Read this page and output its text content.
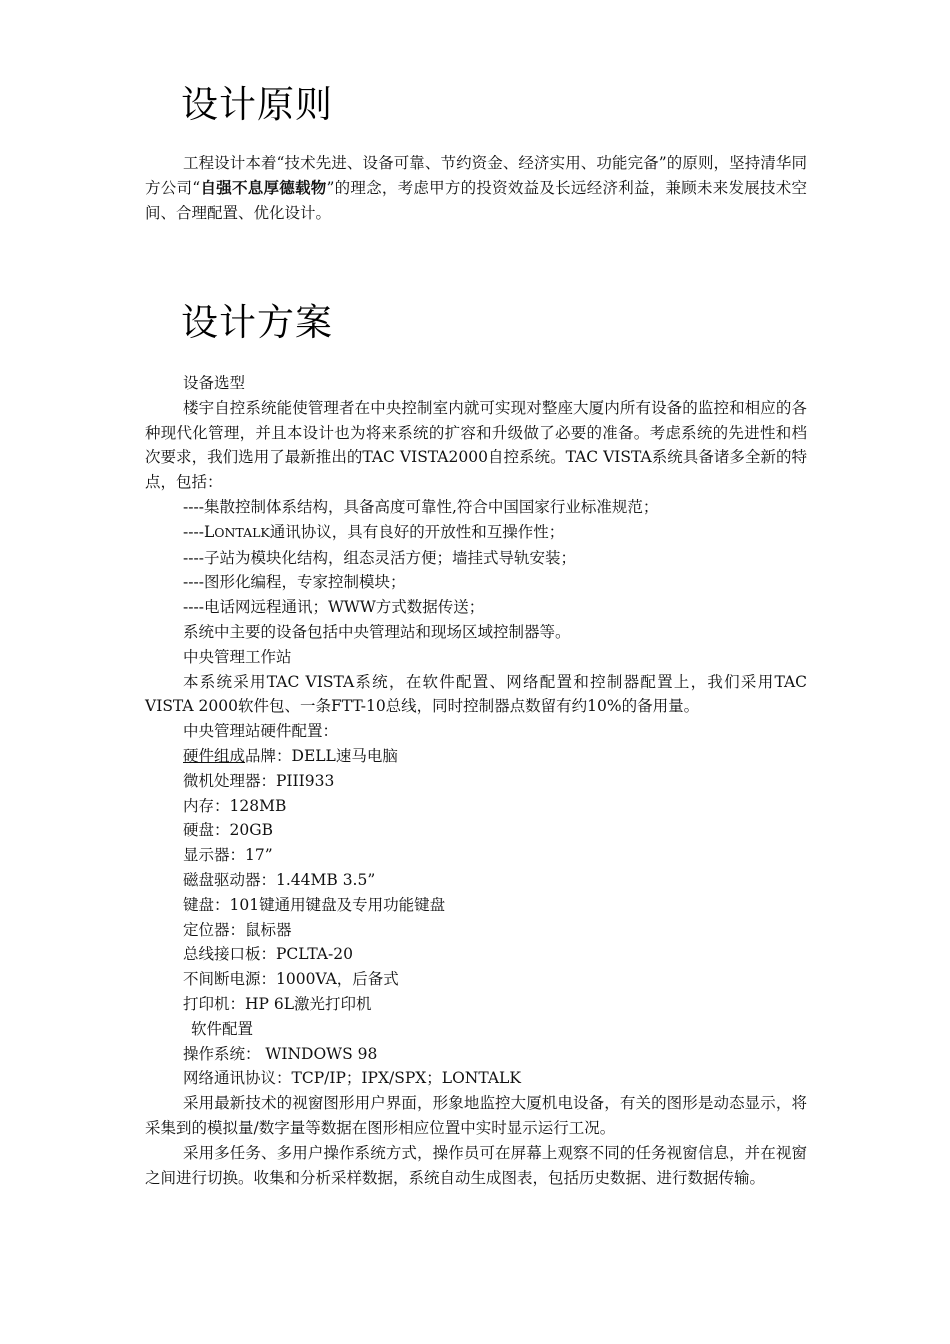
设计原则

工程设计本着“技术先进、设备可靠、节约资金、经济实用、功能完备”的原则，坚持清华同方公司“自强不息厚德载物”的理念，考虑甲方的投资效益及长远经济利益，兼顾未来发展技术空间、合理配置、优化设计。

设计方案

设备选型

楼宇自控系统能使管理者在中央控制室内就可实现对整座大厦内所有设备的监控和相应的各种现代化管理，并且本设计也为将来系统的扩容和升级做了必要的准备。考虑系统的先进性和档次要求，我们选用了最新推出的TAC VISTA2000自控系统。TAC VISTA系统具备诸多全新的特点，包括：

----集散控制体系结构，具备高度可靠性,符合中国国家行业标准规范；

----LONTALK通讯协议，具有良好的开放性和互操作性；

----子站为模块化结构，组态灵活方便；墙挂式导轨安装；

----图形化编程，专家控制模块；

----电话网远程通讯；WWW方式数据传送；

系统中主要的设备包括中央管理站和现场区域控制器等。

中央管理工作站

本系统采用TAC VISTA系统，在软件配置、网络配置和控制器配置上，我们采用TAC VISTA 2000软件包、一条FTT-10总线，同时控制器点数留有约10%的备用量。

中央管理站硬件配置：

硬件组成品牌：DELL速马电脑

微机处理器：PIII933

内存：128MB

硬盘：20GB

显示器：17”

磁盘驱动器：1.44MB 3.5”

键盘：101键通用键盘及专用功能键盘

定位器：鼠标器

总线接口板：PCLTA-20

不间断电源：1000VA，后备式

打印机：HP 6L激光打印机

软件配置

操作系统： WINDOWS 98

网络通讯协议：TCP/IP；IPX/SPX；LONTALK

采用最新技术的视窗图形用户界面，形象地监控大厦机电设备，有关的图形是动态显示，将采集到的模拟量/数字量等数据在图形相应位置中实时显示运行工况。

采用多任务、多用户操作系统方式，操作员可在屏幕上观察不同的任务视窗信息，并在视窗之间进行切换。收集和分析采样数据，系统自动生成图表，包括历史数据、进行数据传输。
